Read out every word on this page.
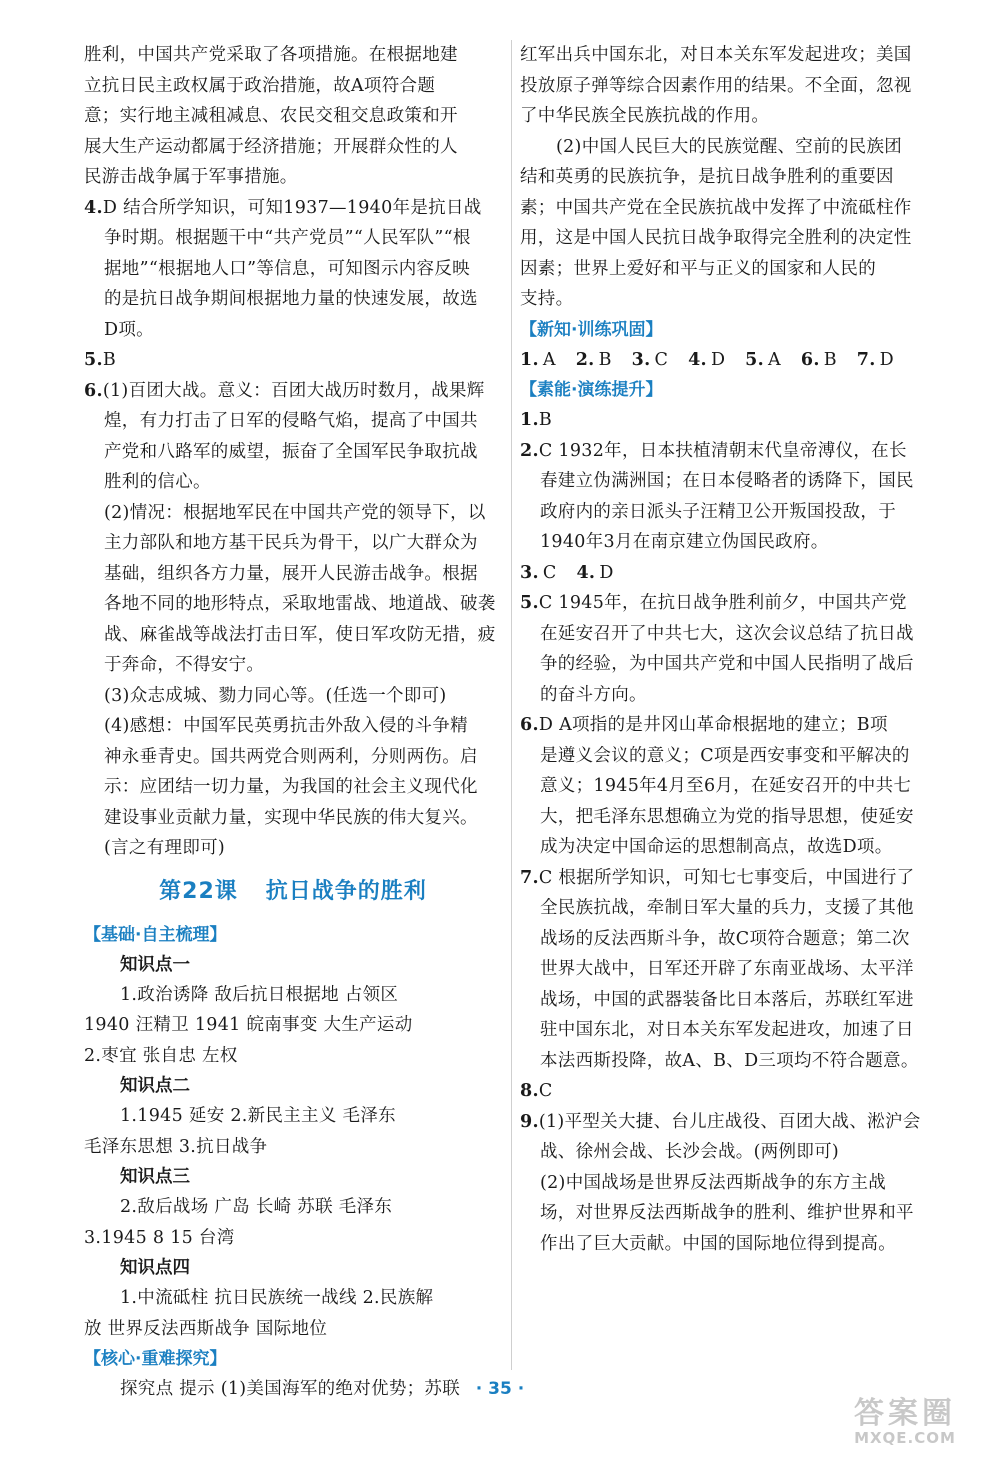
胜利，中国共产党采取了各项措施。在根据地建
立抗日民主政权属于政治措施，故A项符合题
意；实行地主减租减息、农民交租交息政策和开
展大生产运动都属于经济措施；开展群众性的人
民游击战争属于军事措施。
4.D 结合所学知识，可知1937—1940年是抗日战
争时期。根据题干中“共产党员”“人民军队”“根
据地”“根据地人口”等信息，可知图示内容反映
的是抗日战争期间根据地力量的快速发展，故选
D项。
5.B
6.(1)百团大战。意义：百团大战历时数月，战果辉
煌，有力打击了日军的侵略气焰，提高了中国共
产党和八路军的威望，振奋了全国军民争取抗战
胜利的信心。
(2)情况：根据地军民在中国共产党的领导下，以
主力部队和地方基干民兵为骨干，以广大群众为
基础，组织各方力量，展开人民游击战争。根据
各地不同的地形特点，采取地雷战、地道战、破袭
战、麻雀战等战法打击日军，使日军攻防无措，疲
于奔命，不得安宁。
(3)众志成城、勠力同心等。(任选一个即可)
(4)感想：中国军民英勇抗击外敌入侵的斗争精
神永垂青史。国共两党合则两利，分则两伤。启
示：应团结一切力量，为我国的社会主义现代化
建设事业贡献力量，实现中华民族的伟大复兴。
(言之有理即可)
第22课 抗日战争的胜利
【基础·自主梳理】
知识点一
1.政治诱降 敌后抗日根据地 占领区
1940 汪精卫 1941 皖南事变 大生产运动
2.枣宜 张自忠 左权
知识点二
1.1945 延安 2.新民主主义 毛泽东
毛泽东思想 3.抗日战争
知识点三
2.敌后战场 广岛 长崎 苏联 毛泽东
3.1945 8 15 台湾
知识点四
1.中流砥柱 抗日民族统一战线 2.民族解
放 世界反法西斯战争 国际地位
【核心·重难探究】
探究点 提示 (1)美国海军的绝对优势；苏联
红军出兵中国东北，对日本关东军发起进攻；美国
投放原子弹等综合因素作用的结果。不全面，忽视
了中华民族全民族抗战的作用。
(2)中国人民巨大的民族觉醒、空前的民族团
结和英勇的民族抗争，是抗日战争胜利的重要因
素；中国共产党在全民族抗战中发挥了中流砥柱作
用，这是中国人民抗日战争取得完全胜利的决定性
因素；世界上爱好和平与正义的国家和人民的
支持。
【新知·训练巩固】
1. A 2. B 3. C 4. D 5. A 6. B 7. D
【素能·演练提升】
1.B
2.C 1932年，日本扶植清朝末代皇帝溥仪，在长
春建立伪满洲国；在日本侵略者的诱降下，国民
政府内的亲日派头子汪精卫公开叛国投敌，于
1940年3月在南京建立伪国民政府。
3. C 4. D
5.C 1945年，在抗日战争胜利前夕，中国共产党
在延安召开了中共七大，这次会议总结了抗日战
争的经验，为中国共产党和中国人民指明了战后
的奋斗方向。
6.D A项指的是井冈山革命根据地的建立；B项
是遵义会议的意义；C项是西安事变和平解决的
意义；1945年4月至6月，在延安召开的中共七
大，把毛泽东思想确立为党的指导思想，使延安
成为决定中国命运的思想制高点，故选D项。
7.C 根据所学知识，可知七七事变后，中国进行了
全民族抗战，牵制日军大量的兵力，支援了其他
战场的反法西斯斗争，故C项符合题意；第二次
世界大战中，日军还开辟了东南亚战场、太平洋
战场，中国的武器装备比日本落后，苏联红军进
驻中国东北，对日本关东军发起进攻，加速了日
本法西斯投降，故A、B、D三项均不符合题意。
8.C
9.(1)平型关大捷、台儿庄战役、百团大战、淞沪会
战、徐州会战、长沙会战。(两例即可)
(2)中国战场是世界反法西斯战争的东方主战
场，对世界反法西斯战争的胜利、维护世界和平
作出了巨大贡献。中国的国际地位得到提高。
· 35 ·
答案圈
MXQE.COM
